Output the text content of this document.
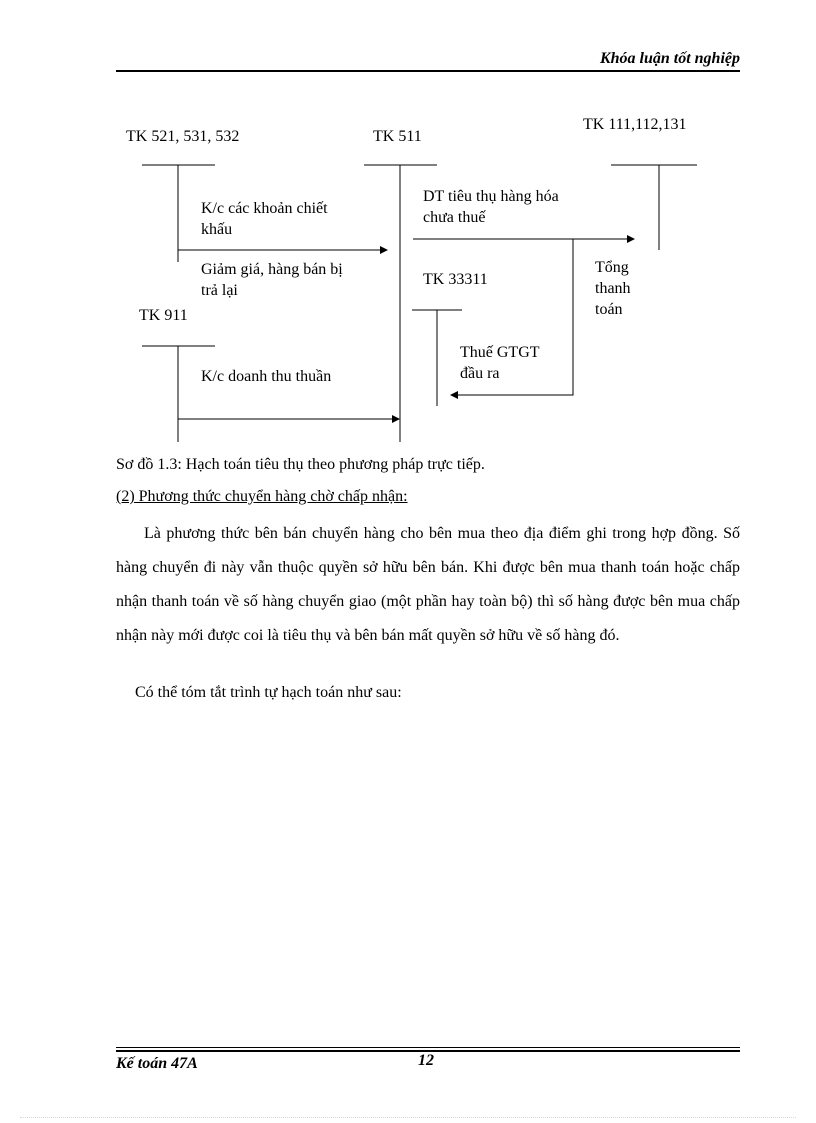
Khóa luận tốt nghiệp
TK 521, 531, 532	TK 511
TK 111,112,131
TK 33311
TK 911
K/c các khoản chiết
khấu
Giảm giá, hàng bán bị
trả lại
DT tiêu thụ hàng hóa
chưa thuế
Tổng
thanh
toán
Thuế GTGT
đầu ra
K/c doanh thu thuần
Sơ đồ 1.3: Hạch toán tiêu thụ theo phương pháp trực tiếp.
(2) Phương thức chuyển hàng chờ chấp nhận:
Là phương thức bên bán chuyển hàng cho bên mua theo địa điểm ghi trong hợp đồng. Số hàng chuyển đi này vẫn thuộc quyền sở hữu bên bán. Khi được bên mua thanh toán hoặc chấp nhận thanh toán về số hàng chuyển giao (một phần hay toàn bộ) thì số hàng được bên mua chấp nhận này mới được coi là tiêu thụ và bên bán mất quyền sở hữu về số hàng đó.
Có thể tóm tắt trình tự hạch toán như sau:
Kế toán 47A	12
